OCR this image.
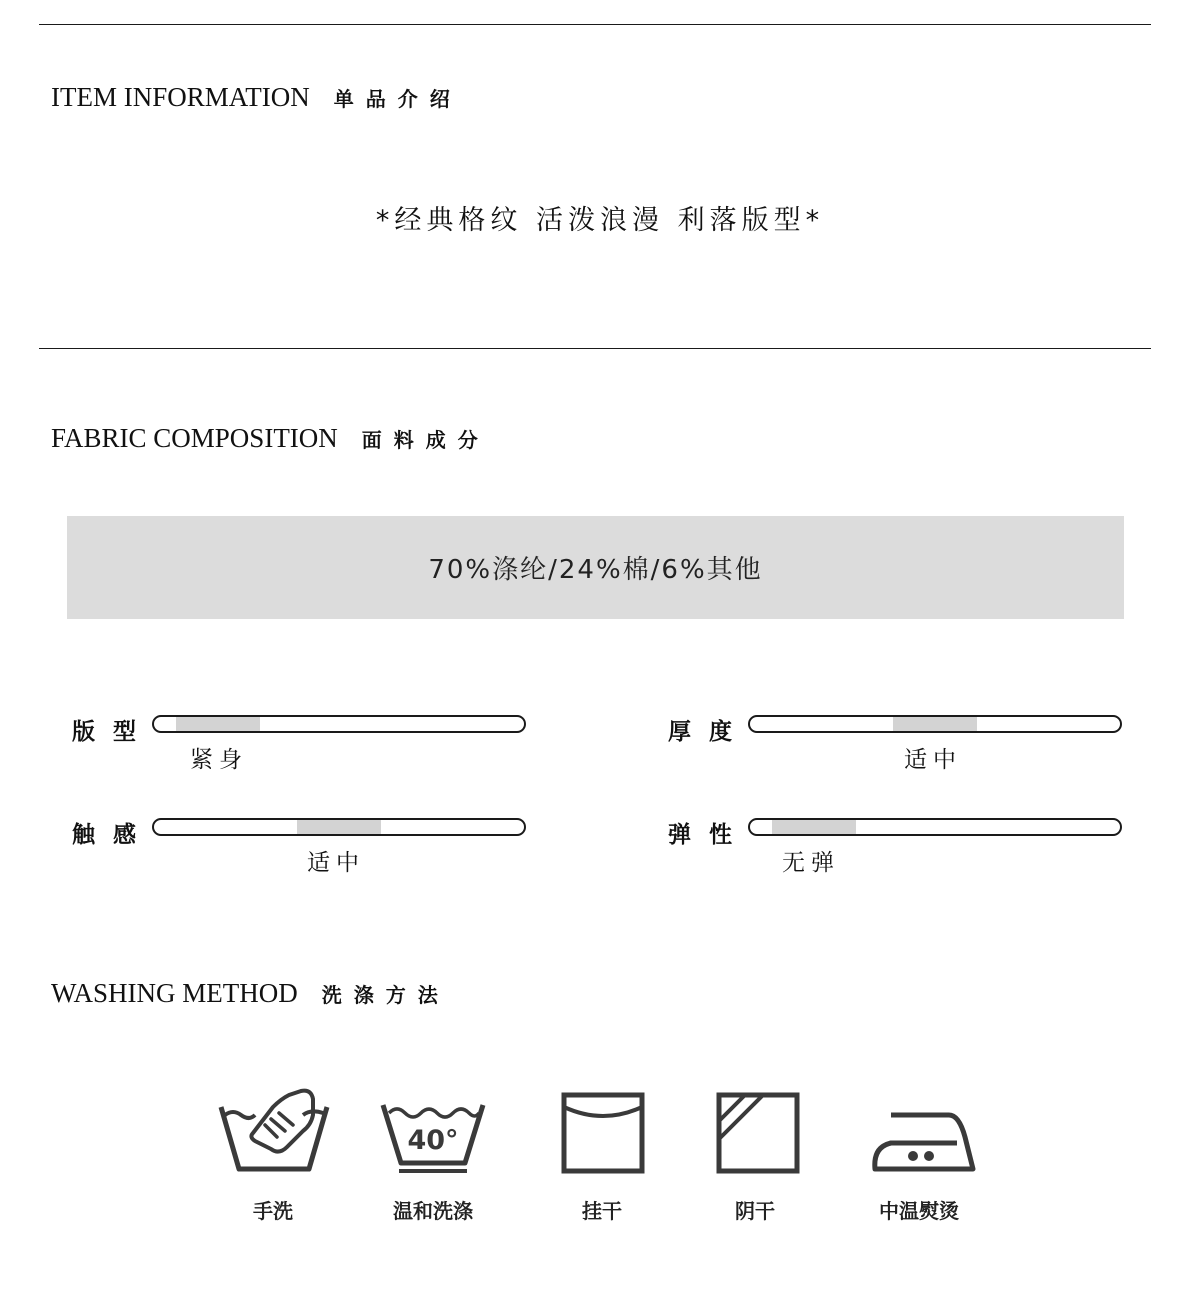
ITEM INFORMATION 单品介绍
*经典格纹 活泼浪漫 利落版型*
FABRIC COMPOSITION 面料成分
70%涤纶/24%棉/6%其他
版型
紧身
厚度
适中
触感
适中
弹性
无弹
WASHING METHOD 洗涤方法
手洗
40°
温和洗涤	挂干	阴干	中温熨烫
